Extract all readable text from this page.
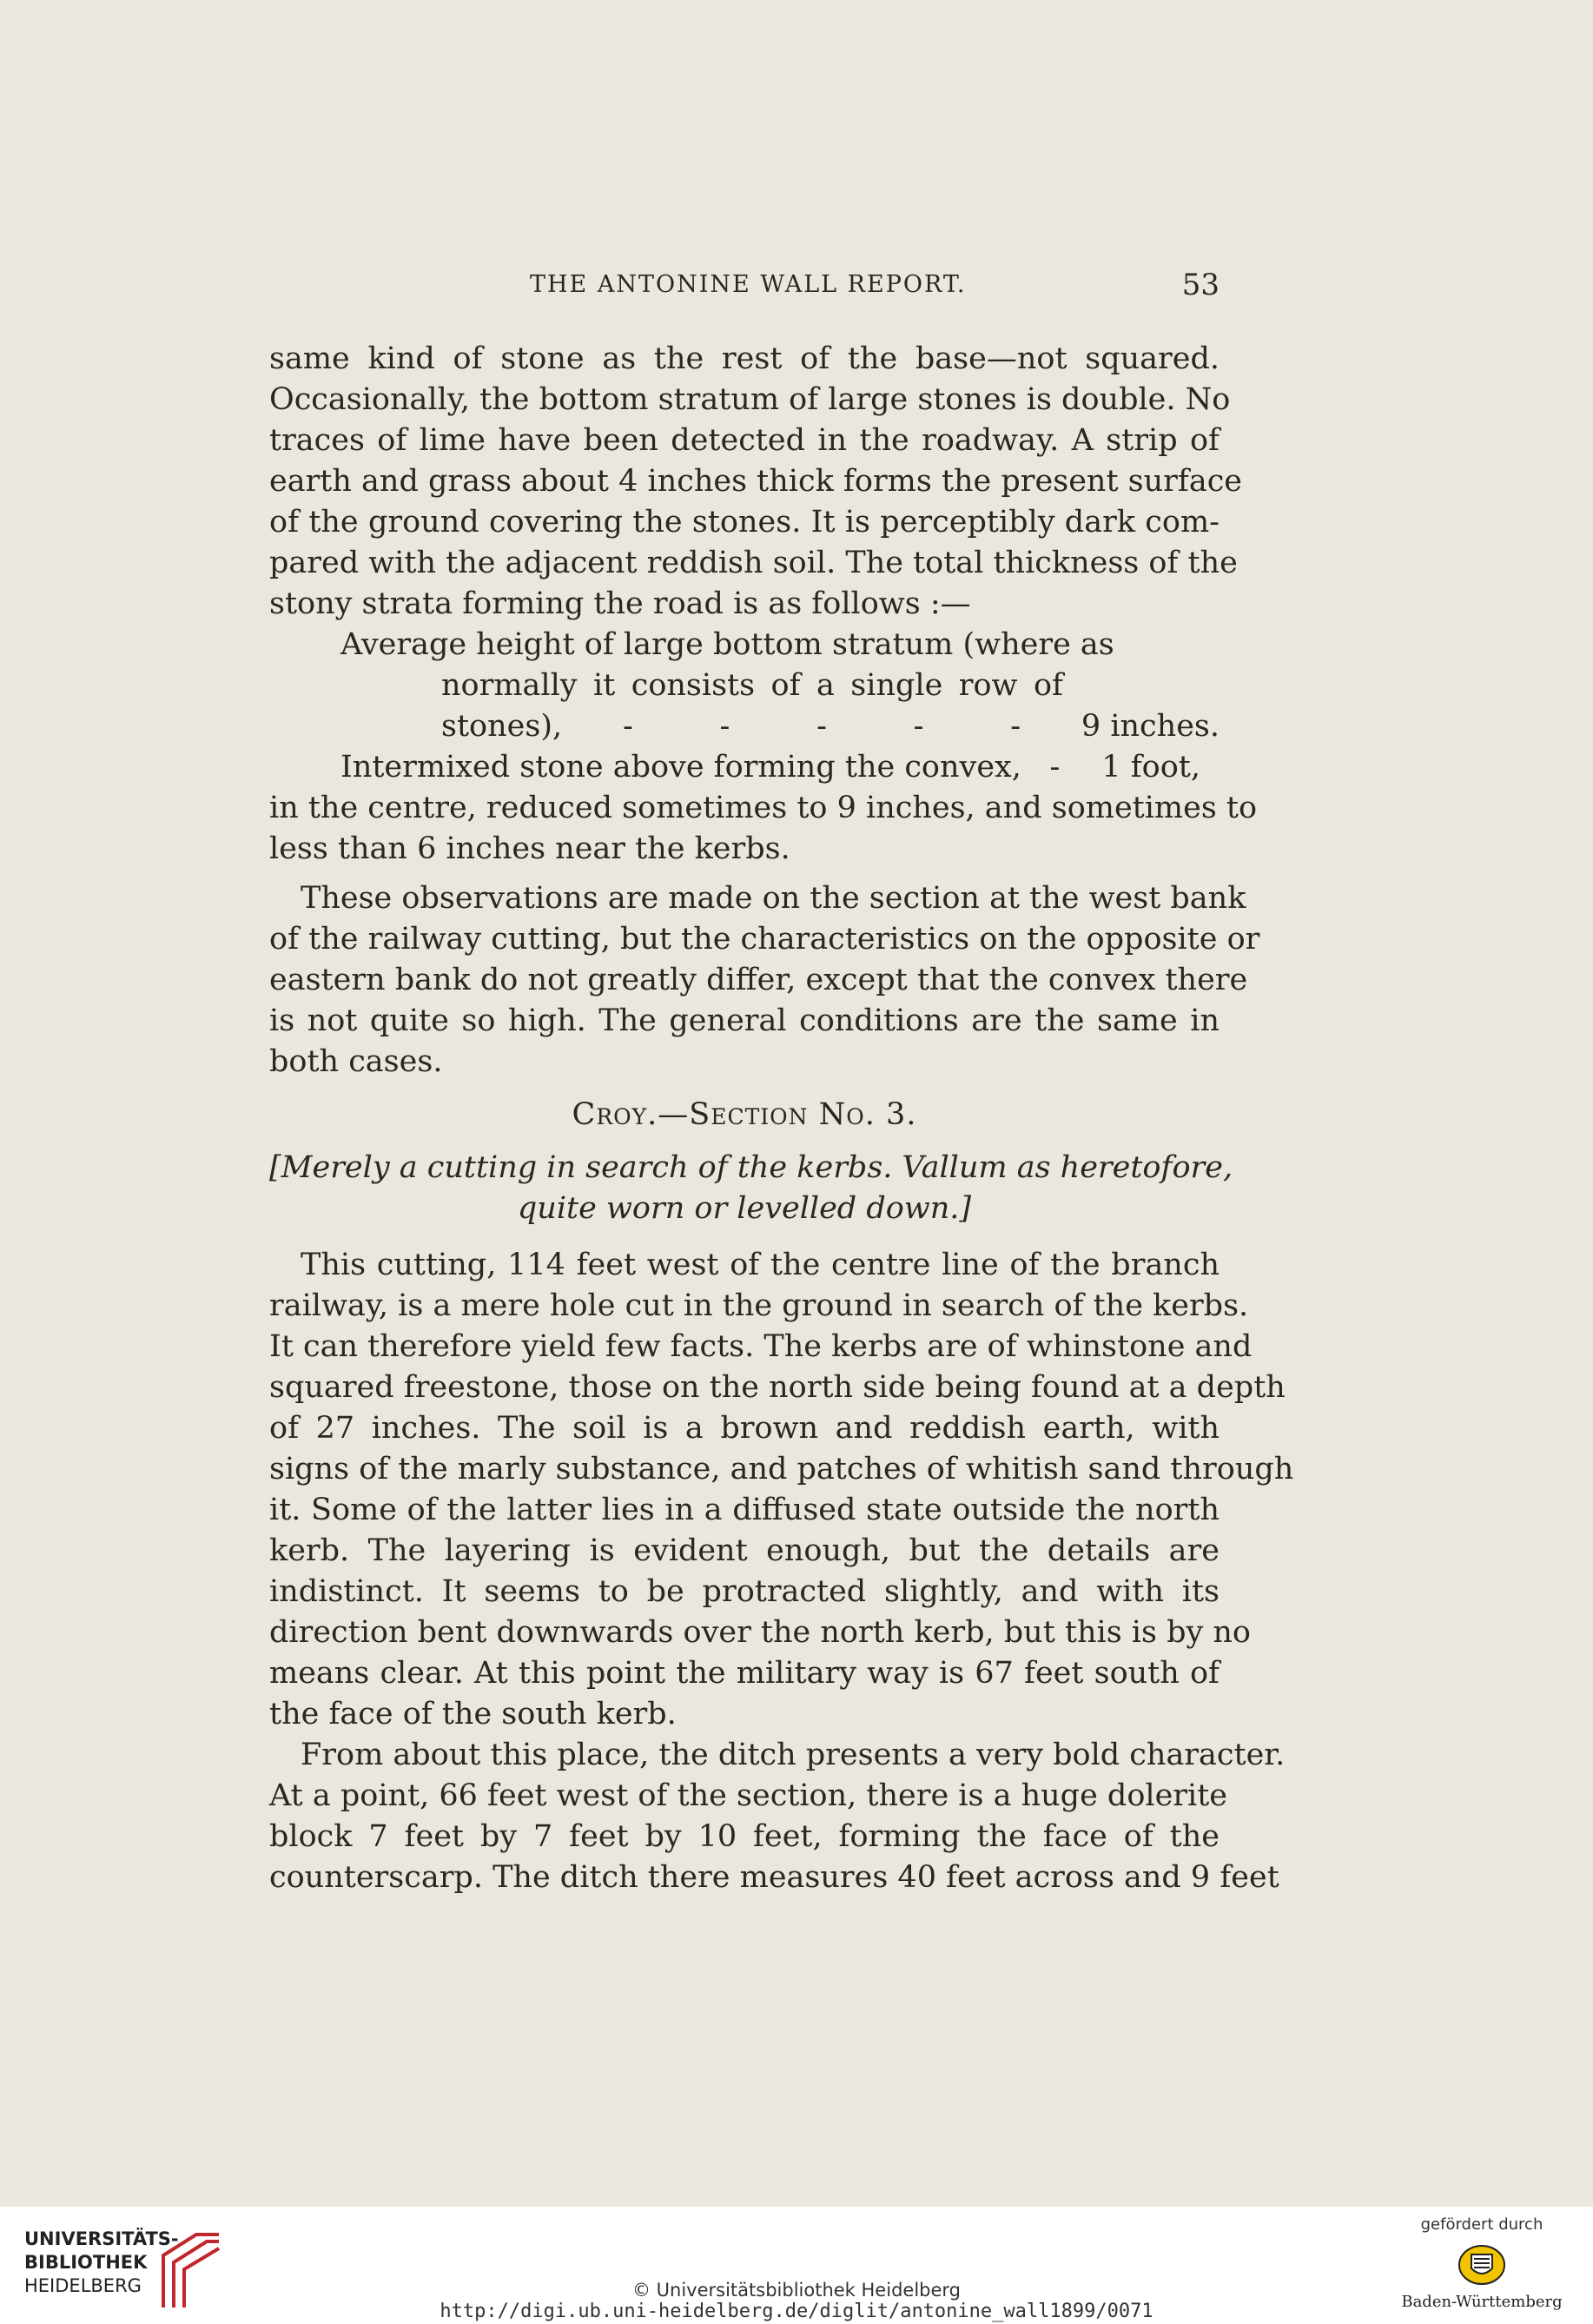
THE ANTONINE WALL REPORT.	53
same kind of stone as the rest of the base—not squared.
Occasionally, the bottom stratum of large stones is double. No
traces of lime have been detected in the roadway. A strip of
earth and grass about 4 inches thick forms the present surface
of the ground covering the stones. It is perceptibly dark com-
pared with the adjacent reddish soil. The total thickness of the
stony strata forming the road is as follows :—
Average height of large bottom stratum (where as
normally it consists of a single row of
stones), -	-	-	-	- 9 inches.
Intermixed stone above forming the convex, -	1 foot,
in the centre, reduced sometimes to 9 inches, and sometimes to
less than 6 inches near the kerbs.
These observations are made on the section at the west bank
of the railway cutting, but the characteristics on the opposite or
eastern bank do not greatly differ, except that the convex there
is not quite so high. The general conditions are the same in
both cases.
Croy.—Section No. 3.
[Merely a cutting in search of the kerbs. Vallum as heretofore,
quite worn or levelled down.]
This cutting, 114 feet west of the centre line of the branch
railway, is a mere hole cut in the ground in search of the kerbs.
It can therefore yield few facts. The kerbs are of whinstone and
squared freestone, those on the north side being found at a depth
of 27 inches. The soil is a brown and reddish earth, with
signs of the marly substance, and patches of whitish sand through
it. Some of the latter lies in a diffused state outside the north
kerb. The layering is evident enough, but the details are
indistinct. It seems to be protracted slightly, and with its
direction bent downwards over the north kerb, but this is by no
means clear. At this point the military way is 67 feet south of
the face of the south kerb.
From about this place, the ditch presents a very bold character.
At a point, 66 feet west of the section, there is a huge dolerite
block 7 feet by 7 feet by 10 feet, forming the face of the
counterscarp. The ditch there measures 40 feet across and 9 feet
UNIVERSITÄTS-
BIBLIOTHEK
HEIDELBERG	© Universitätsbibliothek Heidelberg
http://digi.ub.uni-heidelberg.de/diglit/antonine_wall1899/0071
gefördert durch
Baden-Württemberg
